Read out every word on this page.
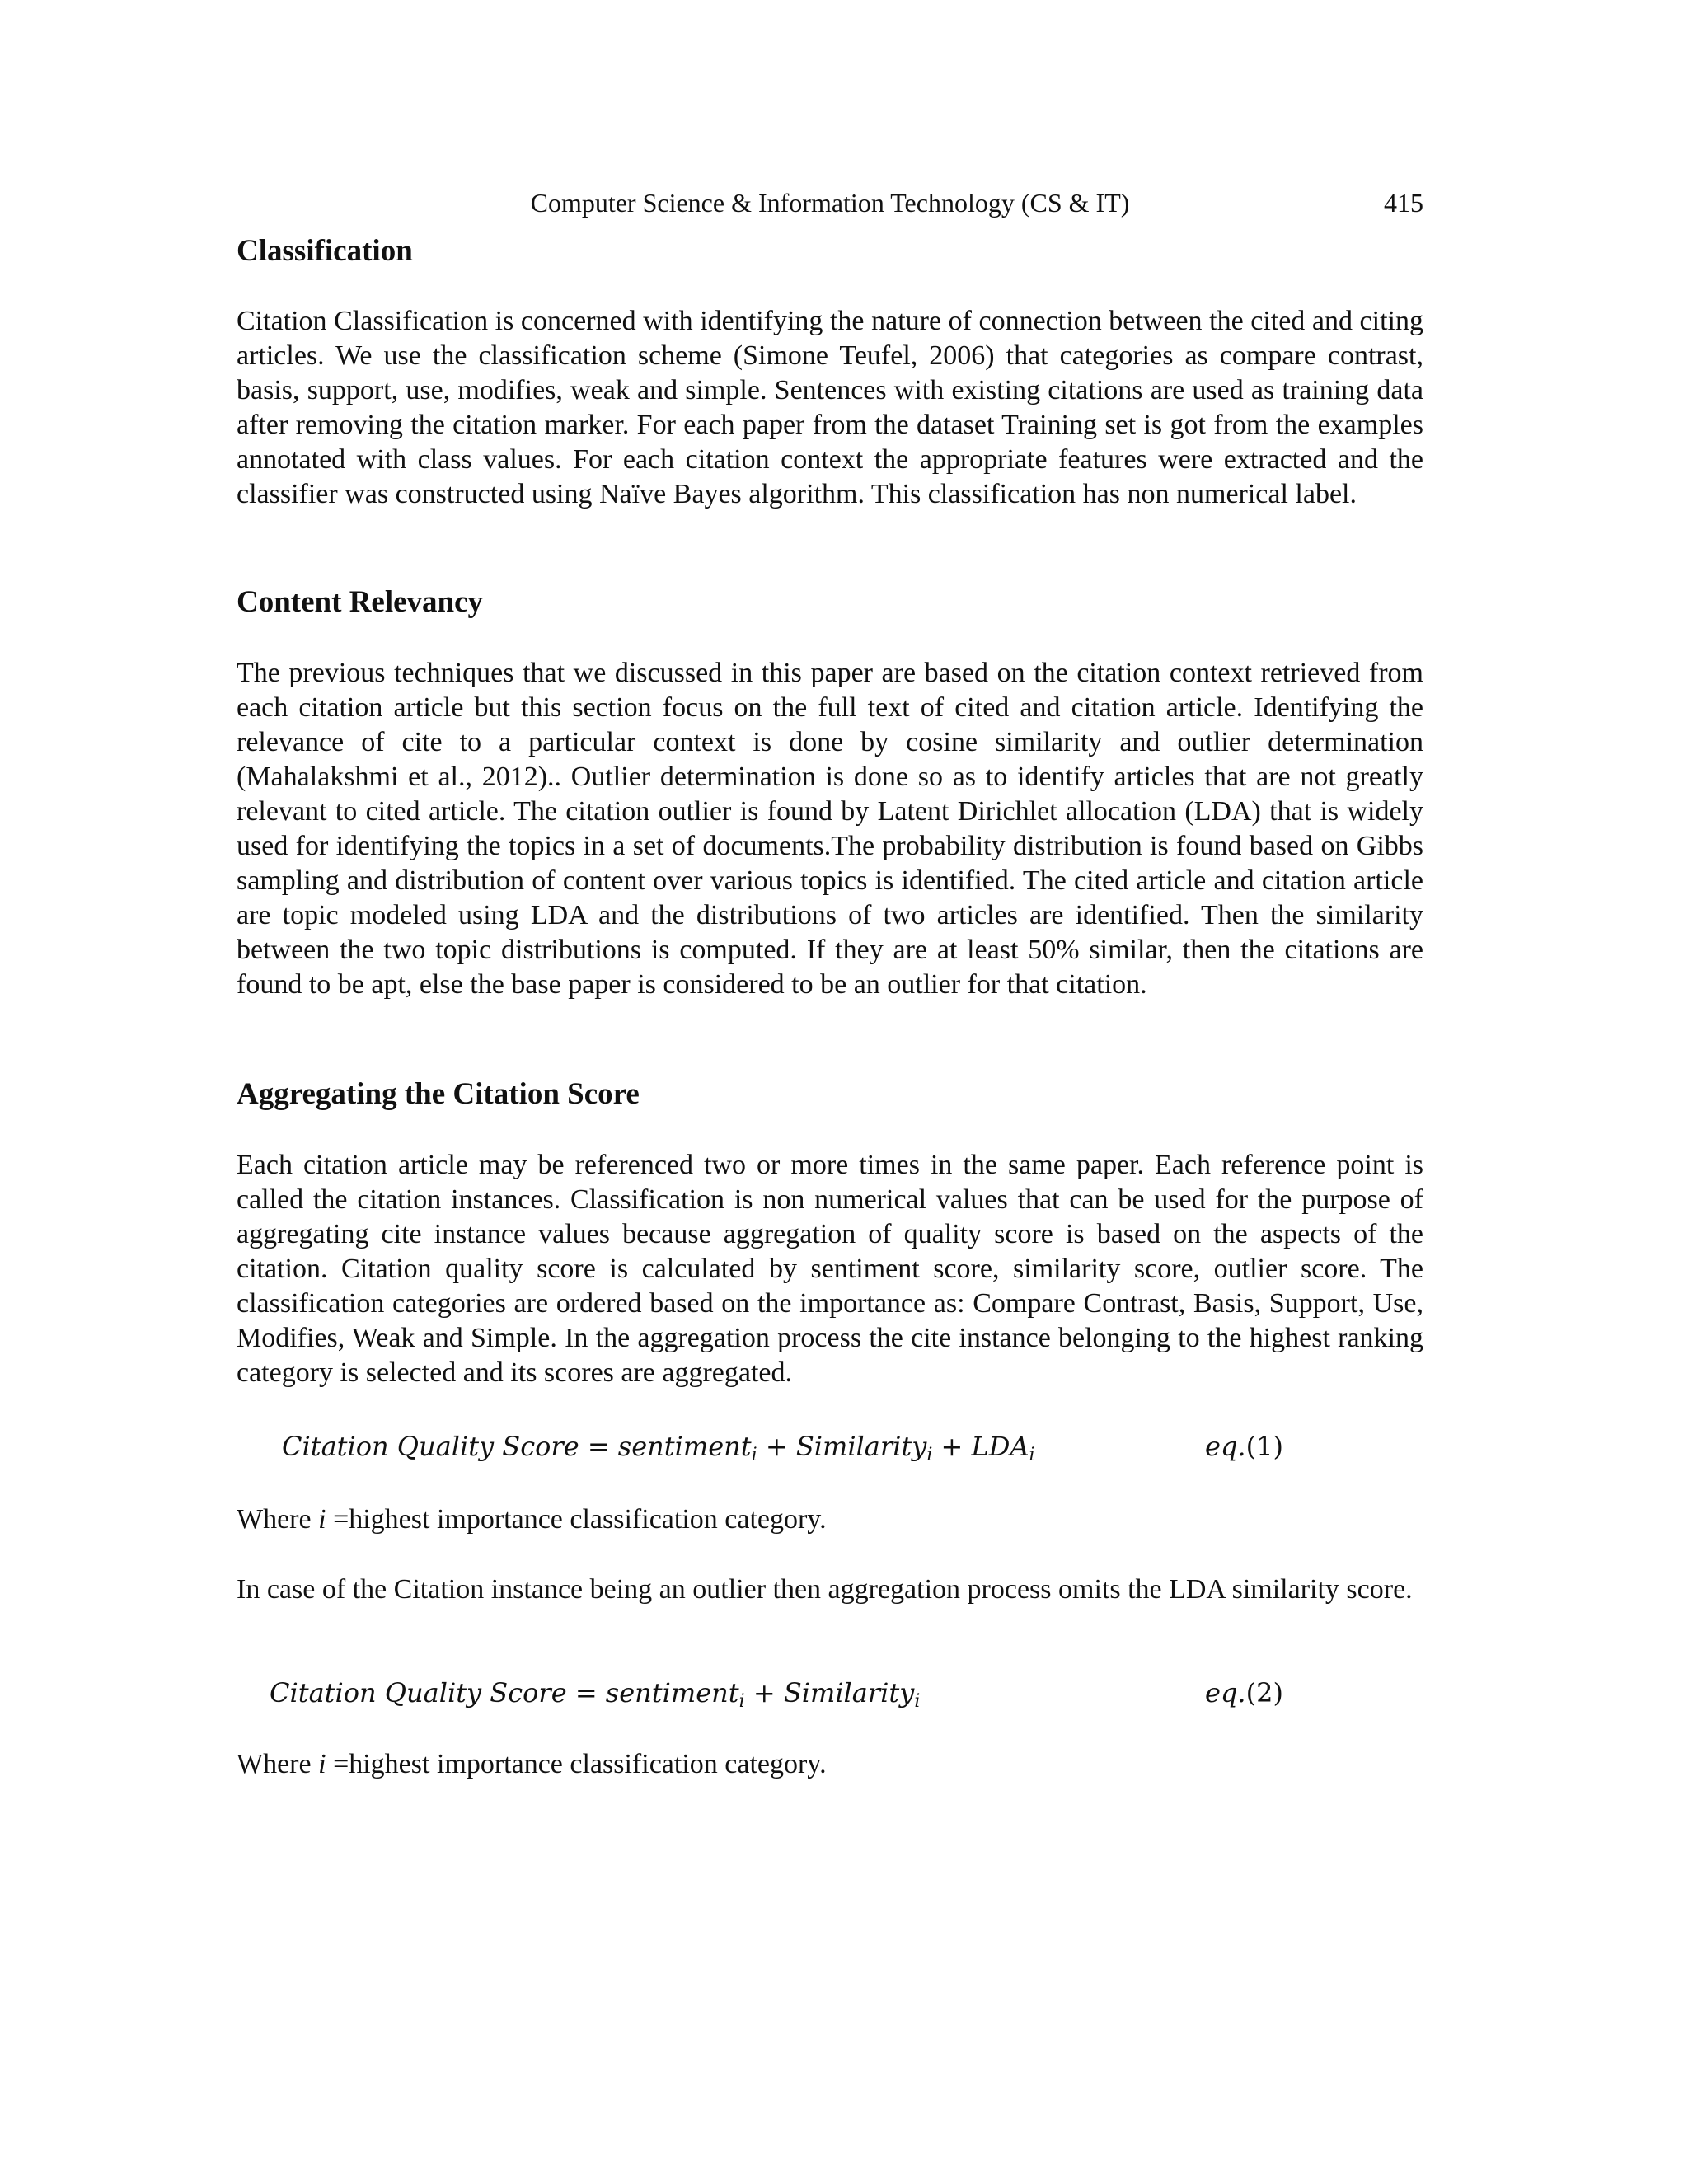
Computer Science & Information Technology (CS & IT)	415
Classification

Citation Classification is concerned with identifying the nature of connection between the cited and citing articles. We use the classification scheme (Simone Teufel, 2006) that categories as compare contrast, basis, support, use, modifies, weak and simple. Sentences with existing citations are used as training data after removing the citation marker. For each paper from the dataset Training set is got from the examples annotated with class values. For each citation context the appropriate features were extracted and the classifier was constructed using Naïve Bayes algorithm. This classification has non numerical label.

Content Relevancy

The previous techniques that we discussed in this paper are based on the citation context retrieved from each citation article but this section focus on the full text of cited and citation article. Identifying the relevance of cite to a particular context is done by cosine similarity and outlier determination (Mahalakshmi et al., 2012).. Outlier determination is done so as to identify articles that are not greatly relevant to cited article. The citation outlier is found by Latent Dirichlet allocation (LDA) that is widely used for identifying the topics in a set of documents.The probability distribution is found based on Gibbs sampling and distribution of content over various topics is identified. The cited article and citation article are topic modeled using LDA and the distributions of two articles are identified. Then the similarity between the two topic distributions is computed. If they are at least 50% similar, then the citations are found to be apt, else the base paper is considered to be an outlier for that citation.

Aggregating the Citation Score

Each citation article may be referenced two or more times in the same paper. Each reference point is called the citation instances. Classification is non numerical values that can be used for the purpose of aggregating cite instance values because aggregation of quality score is based on the aspects of the citation. Citation quality score is calculated by sentiment score, similarity score, outlier score. The classification categories are ordered based on the importance as: Compare Contrast, Basis, Support, Use, Modifies, Weak and Simple. In the aggregation process the cite instance belonging to the highest ranking category is selected and its scores are aggregated.

Citation Quality Score = sentiment$_i$ + Similarity$_i$ + $LDA_i$	eq.(1)

Where i =highest importance classification category.

In case of the Citation instance being an outlier then aggregation process omits the LDA similarity score.

Citation Quality Score = sentiment$_i$ + Similarity$_i$	eq.(2)

Where i =highest importance classification category.
